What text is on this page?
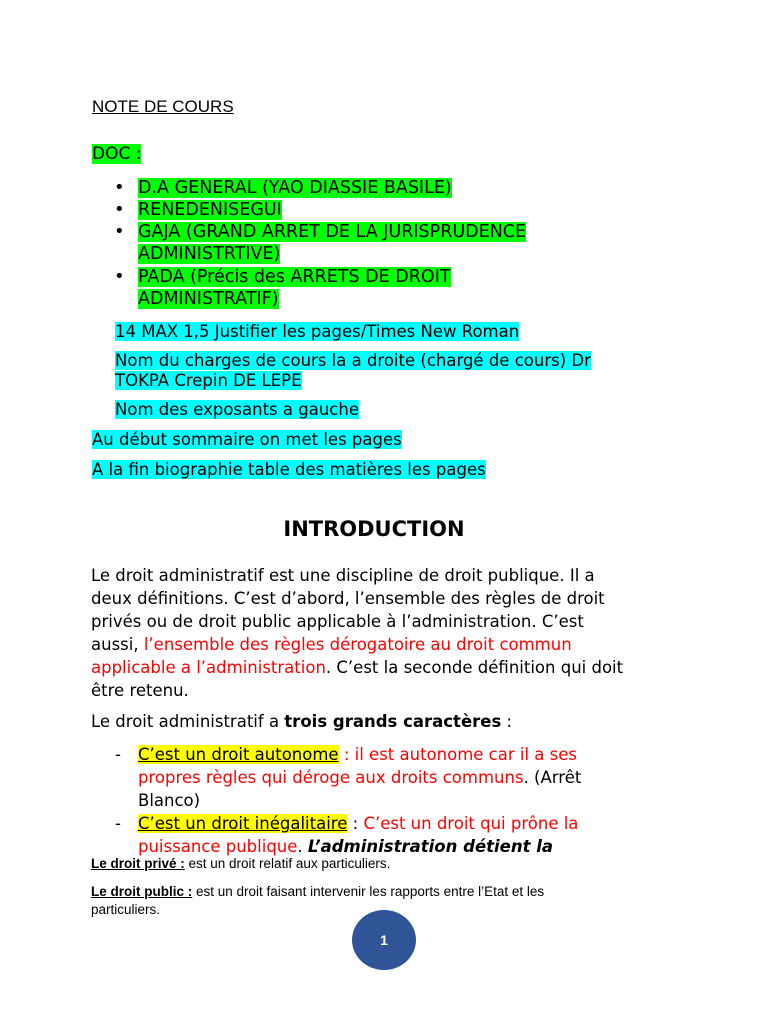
NOTE DE COURS
DOC :
• D.A GENERAL (YAO DIASSIE BASILE)
• RENEDENISEGUI
• GAJA (GRAND ARRET DE LA JURISPRUDENCE
ADMINISTRTIVE)
• PADA (Précis des ARRETS DE DROIT
ADMINISTRATIF)
14 MAX 1,5 Justifier les pages/Times New Roman
Nom du charges de cours la a droite (chargé de cours) Dr
TOKPA Crepin DE LEPE
Nom des exposants a gauche
Au début sommaire on met les pages
A la fin biographie table des matières les pages
INTRODUCTION
Le droit administratif est une discipline de droit publique. Il a
deux définitions. C’est d’abord, l’ensemble des règles de droit
privés ou de droit public applicable à l’administration. C’est
aussi, l’ensemble des règles dérogatoire au droit commun
applicable a l’administration. C’est la seconde définition qui doit
être retenu.
Le droit administratif a trois grands caractères :
- C’est un droit autonome : il est autonome car il a ses
propres règles qui déroge aux droits communs. (Arrêt
Blanco)
- C’est un droit inégalitaire : C’est un droit qui prône la
puissance publique. L’administration détient la
Le droit privé : est un droit relatif aux particuliers.
Le droit public : est un droit faisant intervenir les rapports entre l’Etat et les
particuliers.
1
